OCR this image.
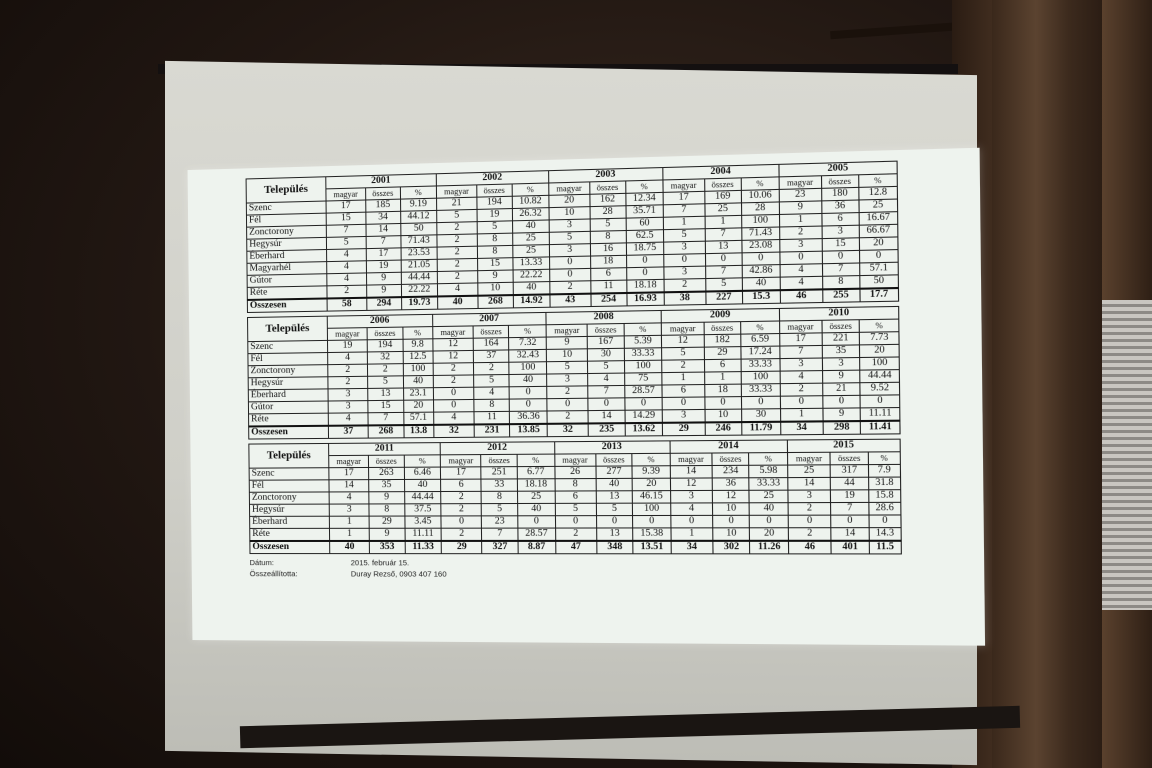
Település	2001			2002			2003			2004			2005		
	magyar	összes	%	magyar	összes	%	magyar	összes	%	magyar	összes	%	magyar	összes	%
Szenc	17	185	9.19	21	194	10.82	20	162	12.34	17	169	10.06	23	180	12.8
Fél	15	34	44.12	5	19	26.32	10	28	35.71	7	25	28	9	36	25
Zonctorony	7	14	50	2	5	40	3	5	60	1	1	100	1	6	16.67
Hegysúr	5	7	71.43	2	8	25	5	8	62.5	5	7	71.43	2	3	66.67
Éberhard	4	17	23.53	2	8	25	3	16	18.75	3	13	23.08	3	15	20
Magyarhél	4	19	21.05	2	15	13.33	0	18	0	0	0	0	0	0	0
Gútor	4	9	44.44	2	9	22.22	0	6	0	3	7	42.86	4	7	57.1
Réte	2	9	22.22	4	10	40	2	11	18.18	2	5	40	4	8	50
Összesen	58	294	19.73	40	268	14.92	43	254	16.93	38	227	15.3	46	255	17.7
Település	2006			2007			2008			2009			2010		
	magyar	összes	%	magyar	összes	%	magyar	összes	%	magyar	összes	%	magyar	összes	%
Szenc	19	194	9.8	12	164	7.32	9	167	5.39	12	182	6.59	17	221	7.73
Fél	4	32	12.5	12	37	32.43	10	30	33.33	5	29	17.24	7	35	20
Zonctorony	2	2	100	2	2	100	5	5	100	2	6	33.33	3	3	100
Hegysúr	2	5	40	2	5	40	3	4	75	1	1	100	4	9	44.44
Éberhard	3	13	23.1	0	4	0	2	7	28.57	6	18	33.33	2	21	9.52
Gútor	3	15	20	0	8	0	0	0	0	0	0	0	0	0	0
Réte	4	7	57.1	4	11	36.36	2	14	14.29	3	10	30	1	9	11.11
Összesen	37	268	13.8	32	231	13.85	32	235	13.62	29	246	11.79	34	298	11.41
Település	2011			2012			2013			2014			2015		
	magyar	összes	%	magyar	összes	%	magyar	összes	%	magyar	összes	%	magyar	összes	%
Szenc	17	263	6.46	17	251	6.77	26	277	9.39	14	234	5.98	25	317	7.9
Fél	14	35	40	6	33	18.18	8	40	20	12	36	33.33	14	44	31.8
Zonctorony	4	9	44.44	2	8	25	6	13	46.15	3	12	25	3	19	15.8
Hegysúr	3	8	37.5	2	5	40	5	5	100	4	10	40	2	7	28.6
Éberhard	1	29	3.45	0	23	0	0	0	0	0	0	0	0	0	0
Réte	1	9	11.11	2	7	28.57	2	13	15.38	1	10	20	2	14	14.3
Összesen	40	353	11.33	29	327	8.87	47	348	13.51	34	302	11.26	46	401	11.5
Dátum:	2015. február 15.
Összeállította:	Duray Rezső, 0903 407 160
